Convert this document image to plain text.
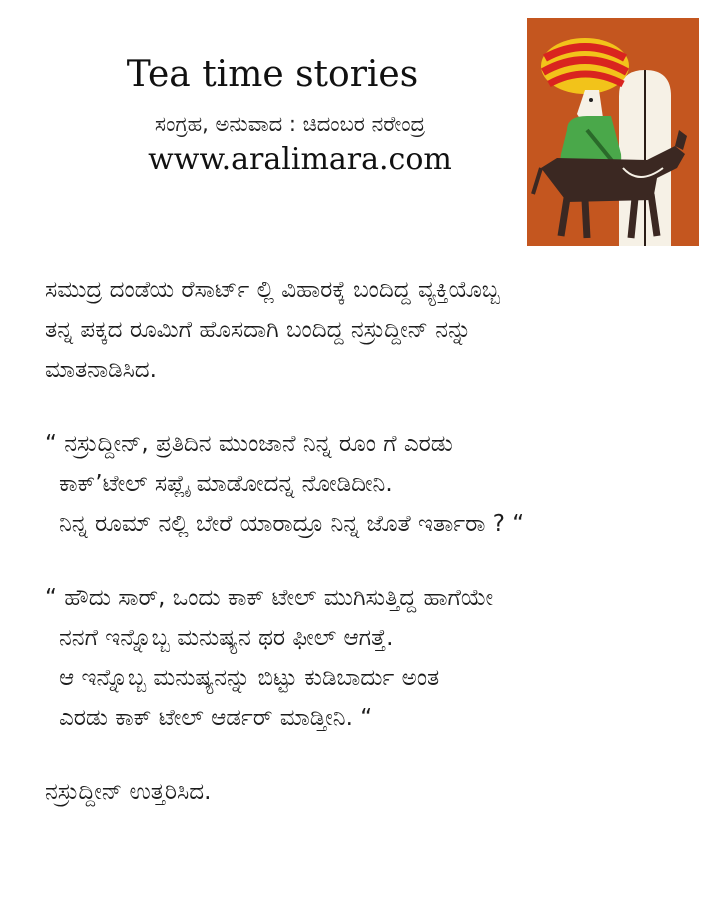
Tea time stories
ಸಂಗ್ರಹ, ಅನುವಾದ : ಚಿದಂಬರ ನರೇಂದ್ರ
www.aralimara.com

ಸಮುದ್ರ ದಂಡೆಯ ರೆಸಾರ್ಟ್ ಲ್ಲಿ ವಿಹಾರಕ್ಕೆ ಬಂದಿದ್ದ ವ್ಯಕ್ತಿಯೊಬ್ಬ

ತನ್ನ ಪಕ್ಕದ ರೂಮಿಗೆ ಹೊಸದಾಗಿ ಬಂದಿದ್ದ ನಸ್ರುದ್ದೀನ್ ನನ್ನು

ಮಾತನಾಡಿಸಿದ.

“ ನಸ್ರುದ್ದೀನ್, ಪ್ರತಿದಿನ ಮುಂಜಾನೆ ನಿನ್ನ ರೂಂ ಗೆ ಎರಡು

ಕಾಕ್’ಟೇಲ್ ಸಪ್ಲೈ ಮಾಡೋದನ್ನ ನೋಡಿದೀನಿ.

ನಿನ್ನ ರೂಮ್ ನಲ್ಲಿ ಬೇರೆ ಯಾರಾದ್ರೂ ನಿನ್ನ ಜೊತೆ ಇರ್ತಾರಾ ? “

“ ಹೌದು ಸಾರ್, ಒಂದು ಕಾಕ್ ಟೇಲ್ ಮುಗಿಸುತ್ತಿದ್ದ ಹಾಗೆಯೇ

ನನಗೆ ಇನ್ನೊಬ್ಬ ಮನುಷ್ಯನ ಥರ ಫೀಲ್ ಆಗತ್ತೆ.

ಆ ಇನ್ನೊಬ್ಬ ಮನುಷ್ಯನನ್ನು ಬಿಟ್ಟು ಕುಡಿಬಾರ್ದು ಅಂತ

ಎರಡು ಕಾಕ್ ಟೇಲ್ ಆರ್ಡರ್ ಮಾಡ್ತೀನಿ. “

ನಸ್ರುದ್ದೀನ್ ಉತ್ತರಿಸಿದ.
